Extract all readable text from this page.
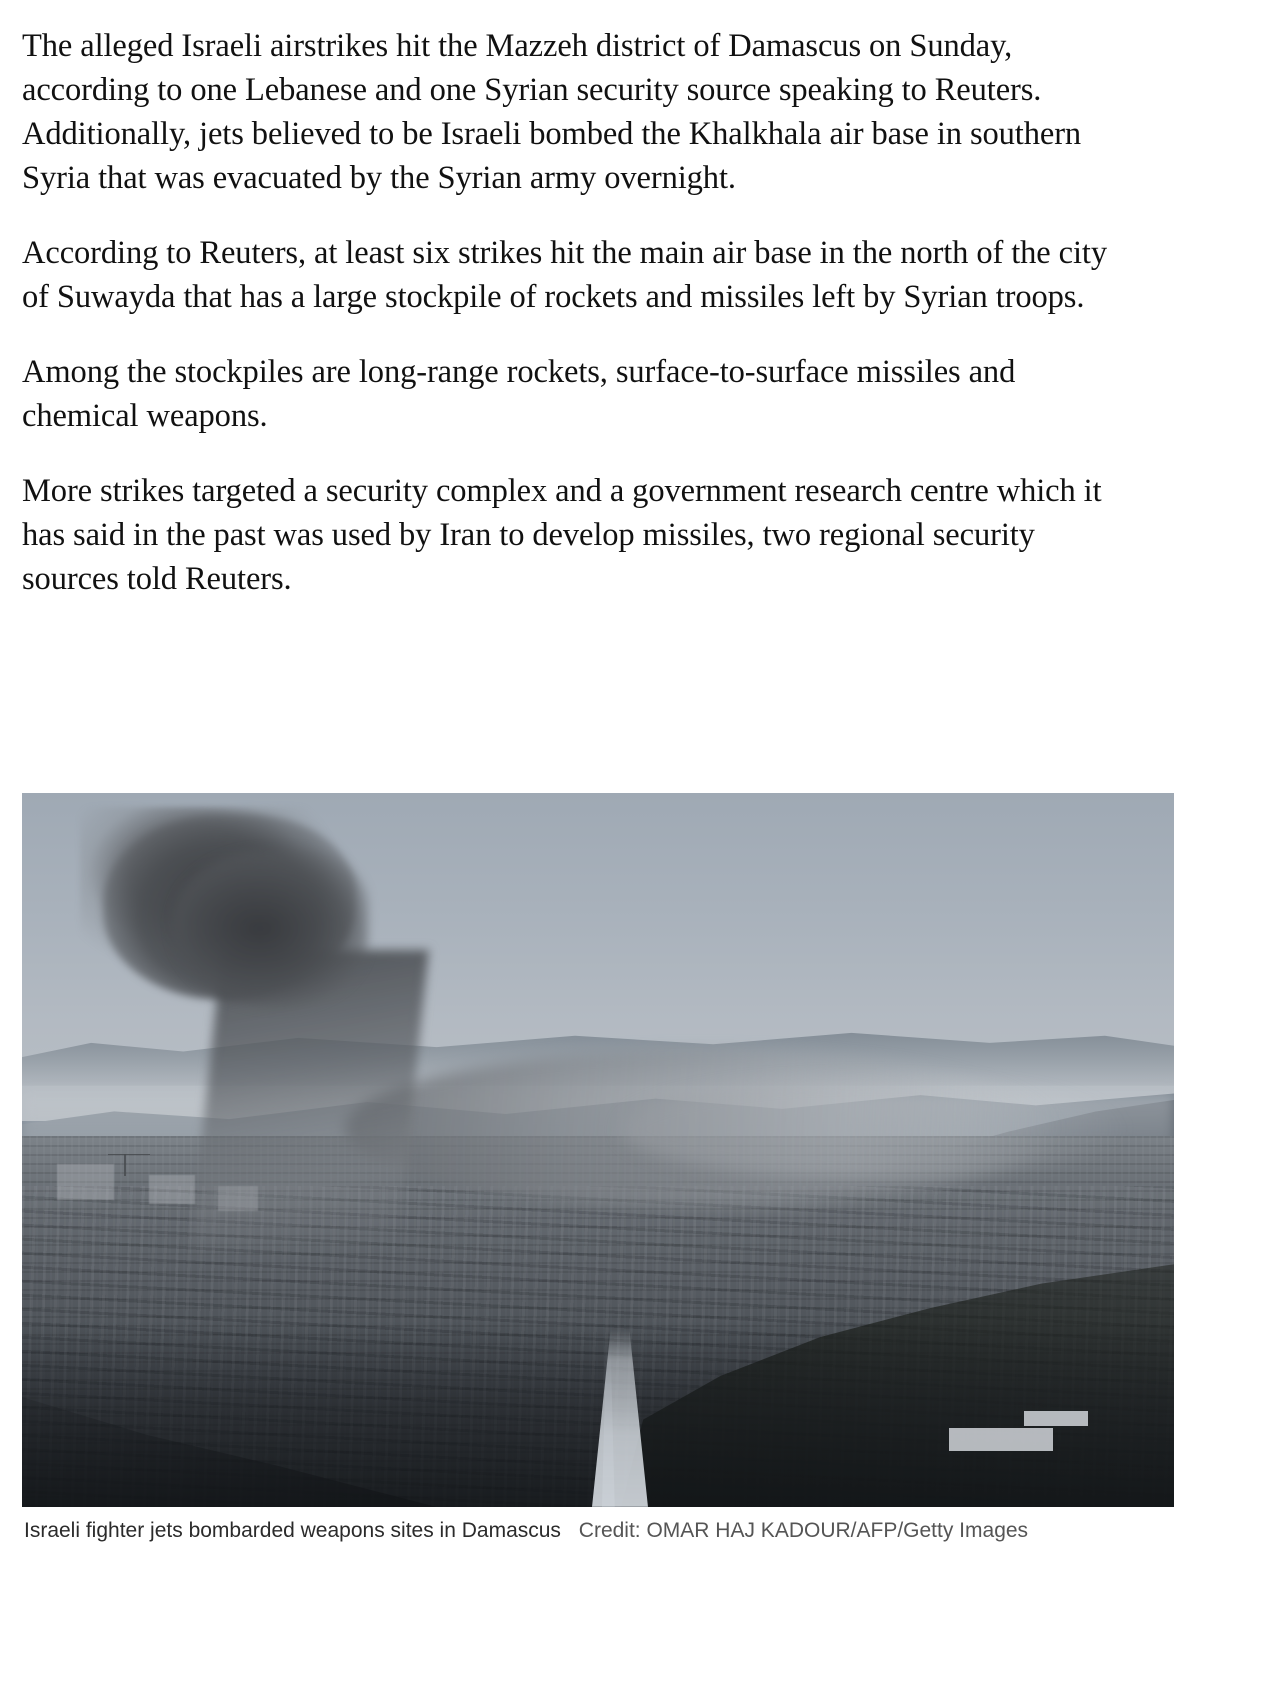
The alleged Israeli airstrikes hit the Mazzeh district of Damascus on Sunday, according to one Lebanese and one Syrian security source speaking to Reuters. Additionally, jets believed to be Israeli bombed the Khalkhala air base in southern Syria that was evacuated by the Syrian army overnight.

According to Reuters, at least six strikes hit the main air base in the north of the city of Suwayda that has a large stockpile of rockets and missiles left by Syrian troops.

Among the stockpiles are long-range rockets, surface-to-surface missiles and chemical weapons.

More strikes targeted a security complex and a government research centre which it has said in the past was used by Iran to develop missiles, two regional security sources told Reuters.

Israeli fighter jets bombarded weapons sites in Damascus Credit: OMAR HAJ KADOUR/AFP/Getty Images
